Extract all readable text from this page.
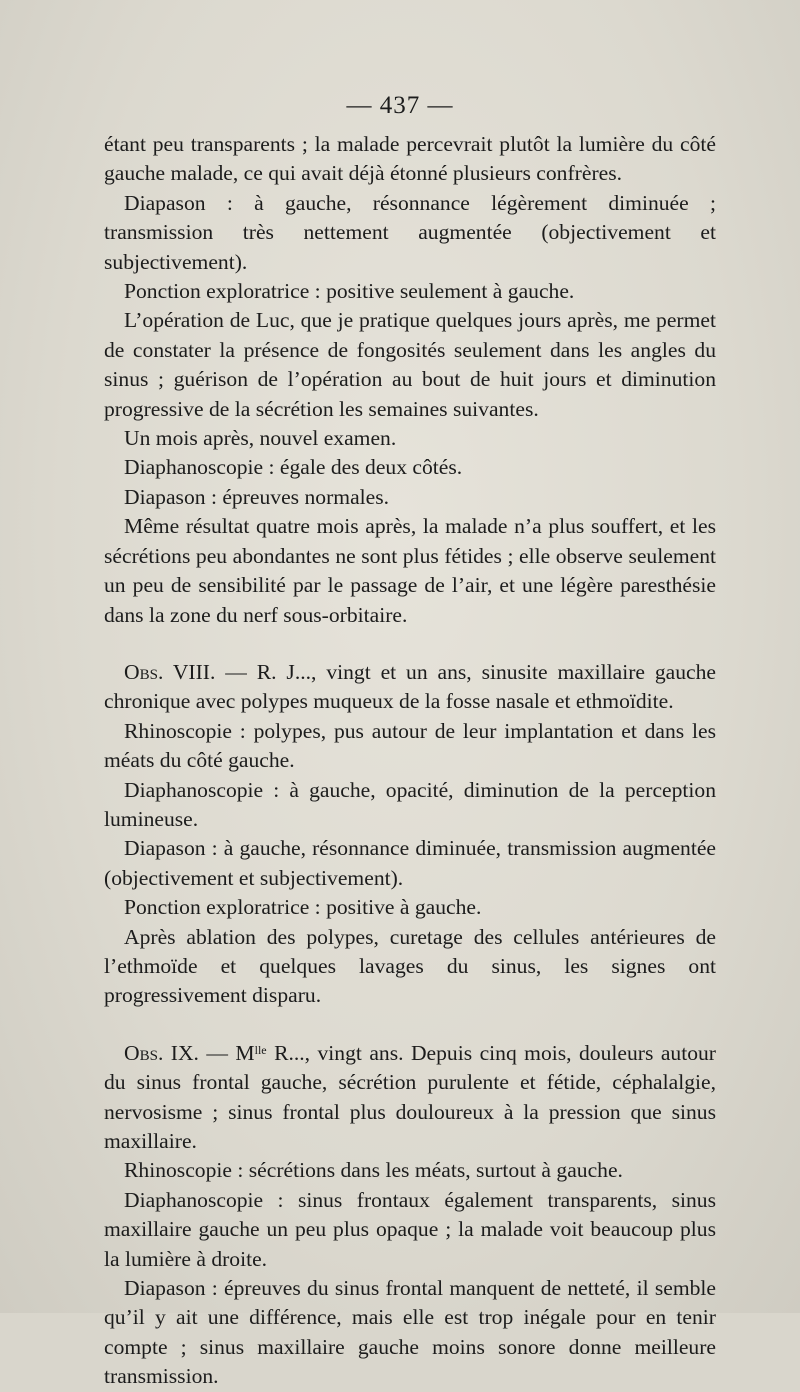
— 437 —

étant peu transparents ; la malade percevrait plutôt la lumière du côté gauche malade, ce qui avait déjà étonné plusieurs confrères.

Diapason : à gauche, résonnance légèrement diminuée ; transmission très nettement augmentée (objectivement et subjectivement).

Ponction exploratrice : positive seulement à gauche.

L’opération de Luc, que je pratique quelques jours après, me permet de constater la présence de fongosités seulement dans les angles du sinus ; guérison de l’opération au bout de huit jours et diminution progressive de la sécrétion les semaines suivantes.

Un mois après, nouvel examen.

Diaphanoscopie : égale des deux côtés.

Diapason : épreuves normales.

Même résultat quatre mois après, la malade n’a plus souffert, et les sécrétions peu abondantes ne sont plus fétides ; elle observe seulement un peu de sensibilité par le passage de l’air, et une légère paresthésie dans la zone du nerf sous-orbitaire.

Obs. VIII. — R. J..., vingt et un ans, sinusite maxillaire gauche chronique avec polypes muqueux de la fosse nasale et ethmoïdite.

Rhinoscopie : polypes, pus autour de leur implantation et dans les méats du côté gauche.

Diaphanoscopie : à gauche, opacité, diminution de la perception lumineuse.

Diapason : à gauche, résonnance diminuée, transmission augmentée (objectivement et subjectivement).

Ponction exploratrice : positive à gauche.

Après ablation des polypes, curetage des cellules antérieures de l’ethmoïde et quelques lavages du sinus, les signes ont progressivement disparu.

Obs. IX. — $M^{lle}$ R..., vingt ans. Depuis cinq mois, douleurs autour du sinus frontal gauche, sécrétion purulente et fétide, céphalalgie, nervosisme ; sinus frontal plus douloureux à la pression que sinus maxillaire.

Rhinoscopie : sécrétions dans les méats, surtout à gauche.

Diaphanoscopie : sinus frontaux également transparents, sinus maxillaire gauche un peu plus opaque ; la malade voit beaucoup plus la lumière à droite.

Diapason : épreuves du sinus frontal manquent de netteté, il semble qu’il y ait une différence, mais elle est trop inégale pour en tenir compte ; sinus maxillaire gauche moins sonore donne meilleure transmission.
